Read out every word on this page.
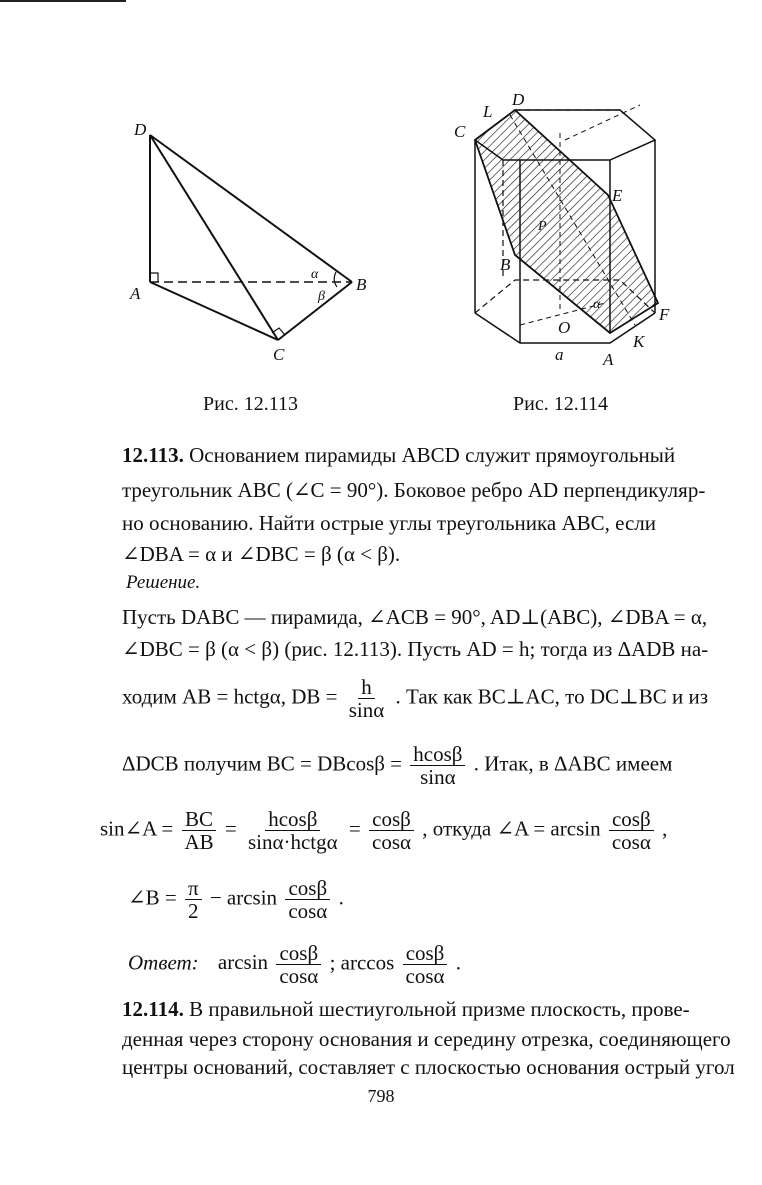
D
A	B
C
α
β
Рис. 12.113
D
L
C
E
P
B
O
F
K
A
a
α
Рис. 12.114
12.113. Основанием пирамиды ABCD служит прямоугольный
треугольник ABC (∠C = 90°). Боковое ребро AD перпендикуляр-
но основанию. Найти острые углы треугольника ABC, если
∠DBA = α и ∠DBC = β (α < β).
Решение.
Пусть DABC — пирамида, ∠ACB = 90°, AD⊥(ABC), ∠DBA = α,
∠DBC = β (α < β) (рис. 12.113). Пусть AD = h; тогда из ΔADB на-
ходим AB = hctgα, DB = $\frac{h}{\sin\alpha}$ . Так как BC⊥AC, то DC⊥BC и из
ΔDCB получим BC = $DBcos\beta = \frac{hcos\beta}{\sin\alpha}$ . Итак, в ΔABC имеем
sin∠A = $\frac{BC}{AB} = \frac{hcos\beta}{\text{sinα·hctgα}} = \frac{\cos\beta}{\cos\alpha}$ , откуда ∠A = $\arcsin \frac{\cos\beta}{\cos\alpha}$ ,
∠B = $\frac{\pi}{2} - \arcsin \frac{\cos\beta}{\cos\alpha}$ .
Ответ: $\arcsin \frac{\cos\beta}{\cos\alpha}$ ; $\arccos \frac{\cos\beta}{\cos\alpha}$ .
12.114. В правильной шестиугольной призме плоскость, прове-
денная через сторону основания и середину отрезка, соединяющего
центры оснований, составляет с плоскостью основания острый угол
798
